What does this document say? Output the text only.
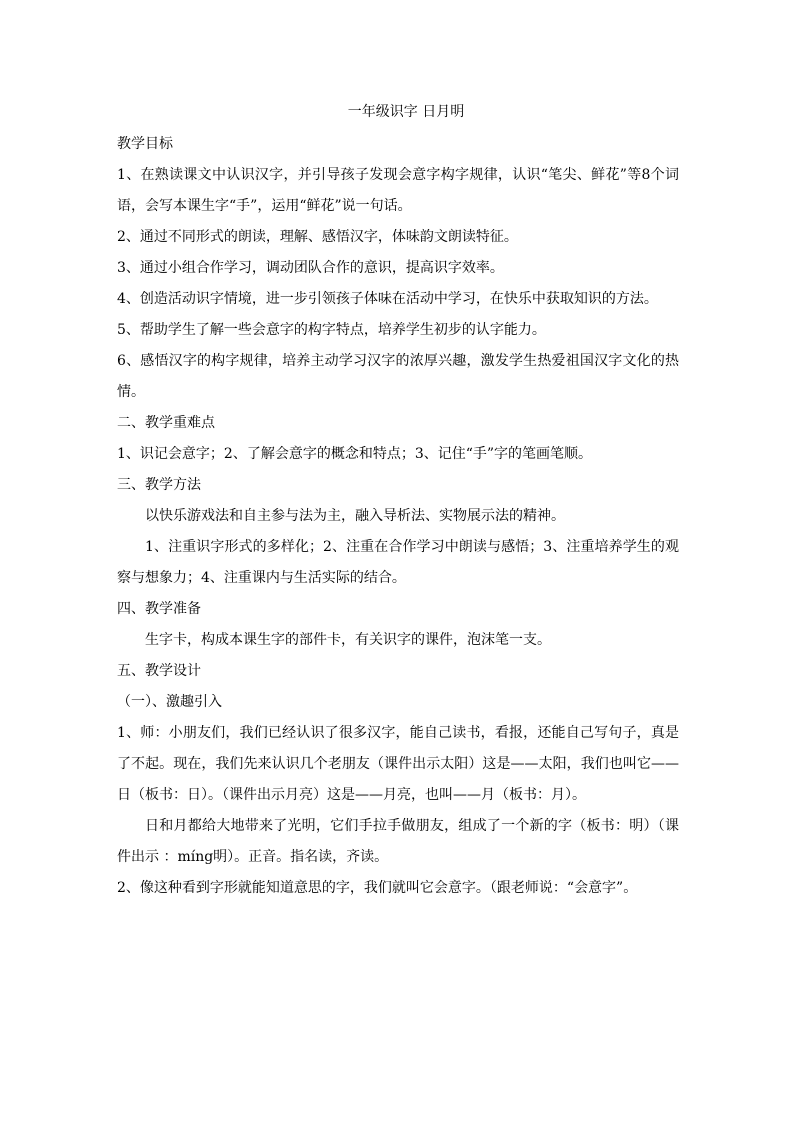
一年级识字 日月明

教学目标

1、在熟读课文中认识汉字，并引导孩子发现会意字构字规律，认识“笔尖、鲜花”等8个词语，会写本课生字“手”，运用“鲜花”说一句话。

2、通过不同形式的朗读，理解、感悟汉字，体味韵文朗读特征。

3、通过小组合作学习，调动团队合作的意识，提高识字效率。

4、创造活动识字情境，进一步引领孩子体味在活动中学习，在快乐中获取知识的方法。

5、帮助学生了解一些会意字的构字特点，培养学生初步的认字能力。

6、感悟汉字的构字规律，培养主动学习汉字的浓厚兴趣，激发学生热爱祖国汉字文化的热情。

二、教学重难点

1、识记会意字；2、了解会意字的概念和特点；3、记住“手”字的笔画笔顺。

三、教学方法

以快乐游戏法和自主参与法为主，融入导析法、实物展示法的精神。

1、注重识字形式的多样化；2、注重在合作学习中朗读与感悟；3、注重培养学生的观察与想象力；4、注重课内与生活实际的结合。

四、教学准备

生字卡，构成本课生字的部件卡，有关识字的课件，泡沫笔一支。

五、教学设计

（一）、激趣引入

1、师：小朋友们，我们已经认识了很多汉字，能自己读书，看报，还能自己写句子，真是了不起。现在，我们先来认识几个老朋友（课件出示太阳）这是——太阳，我们也叫它——日（板书：日）。（课件出示月亮）这是——月亮，也叫——月（板书：月）。

日和月都给大地带来了光明，它们手拉手做朋友，组成了一个新的字（板书：明）（课件出示 ：míng明）。正音。指名读，齐读。

2、像这种看到字形就能知道意思的字，我们就叫它会意字。（跟老师说：“会意字”。
